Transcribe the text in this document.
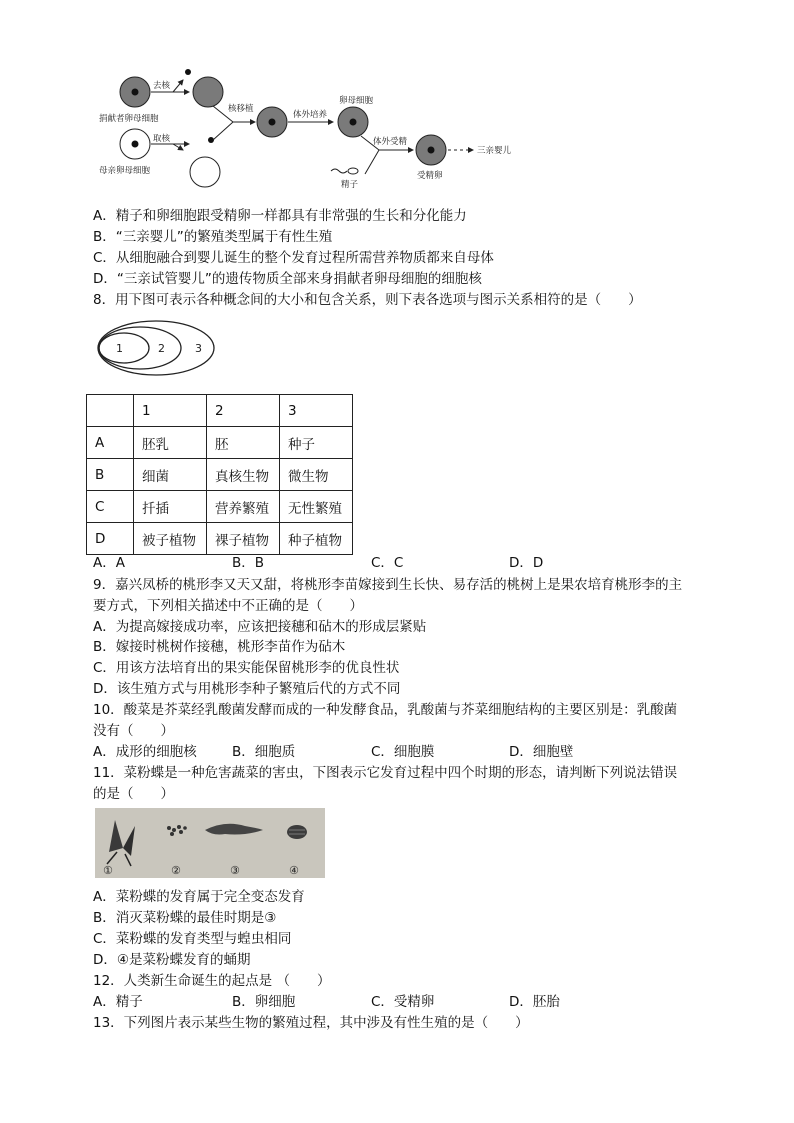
捐献者卵母细胞
去核
母亲卵母细胞
取核
核移植
体外培养
卵母细胞
体外受精
精子
受精卵
三亲婴儿
A．精子和卵细胞跟受精卵一样都具有非常强的生长和分化能力
B．“三亲婴儿”的繁殖类型属于有性生殖
C．从细胞融合到婴儿诞生的整个发育过程所需营养物质都来自母体
D．“三亲试管婴儿”的遗传物质全部来身捐献者卵母细胞的细胞核
8．用下图可表示各种概念间的大小和包含关系，则下表各选项与图示关系相符的是（　　）
1	2	3
	1	2	3
A	胚乳	胚	种子
B	细菌	真核生物	微生物
C	扦插	营养繁殖	无性繁殖
D	被子植物	裸子植物	种子植物
A．A	B．B	C．C	D．D
9．嘉兴凤桥的桃形李又天又甜，将桃形李苗嫁接到生长快、易存活的桃树上是果农培育桃形李的主
要方式，下列相关描述中不正确的是（　　）
A．为提高嫁接成功率，应该把接穗和砧木的形成层紧贴
B．嫁接时桃树作接穗，桃形李苗作为砧木
C．用该方法培育出的果实能保留桃形李的优良性状
D．该生殖方式与用桃形李种子繁殖后代的方式不同
10．酸菜是芥菜经乳酸菌发酵而成的一种发酵食品，乳酸菌与芥菜细胞结构的主要区别是：乳酸菌
没有（　　）
A．成形的细胞核	B．细胞质	C．细胞膜	D．细胞壁
11．菜粉蝶是一种危害蔬菜的害虫，下图表示它发育过程中四个时期的形态，请判断下列说法错误
的是（　　）
①	②	③	④
A．菜粉蝶的发育属于完全变态发育
B．消灭菜粉蝶的最佳时期是③
C．菜粉蝶的发育类型与蝗虫相同
D．④是菜粉蝶发育的蛹期
12．人类新生命诞生的起点是 （　　）
A．精子	B．卵细胞	C．受精卵	D．胚胎
13．下列图片表示某些生物的繁殖过程，其中涉及有性生殖的是（　　）
